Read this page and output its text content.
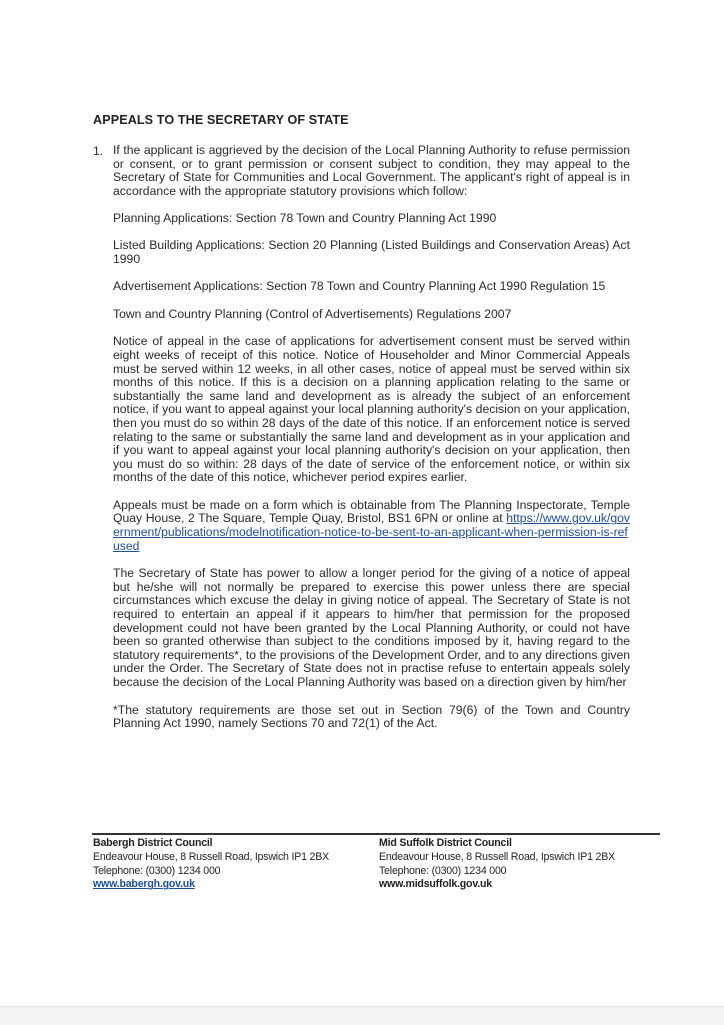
APPEALS TO THE SECRETARY OF STATE
1. If the applicant is aggrieved by the decision of the Local Planning Authority to refuse permission or consent, or to grant permission or consent subject to condition, they may appeal to the Secretary of State for Communities and Local Government. The applicant's right of appeal is in accordance with the appropriate statutory provisions which follow:

Planning Applications: Section 78 Town and Country Planning Act 1990

Listed Building Applications: Section 20 Planning (Listed Buildings and Conservation Areas) Act 1990

Advertisement Applications: Section 78 Town and Country Planning Act 1990 Regulation 15

Town and Country Planning (Control of Advertisements) Regulations 2007

Notice of appeal in the case of applications for advertisement consent must be served within eight weeks of receipt of this notice. Notice of Householder and Minor Commercial Appeals must be served within 12 weeks, in all other cases, notice of appeal must be served within six months of this notice. If this is a decision on a planning application relating to the same or substantially the same land and development as is already the subject of an enforcement notice, if you want to appeal against your local planning authority's decision on your application, then you must do so within 28 days of the date of this notice. If an enforcement notice is served relating to the same or substantially the same land and development as in your application and if you want to appeal against your local planning authority's decision on your application, then you must do so within: 28 days of the date of service of the enforcement notice, or within six months of the date of this notice, whichever period expires earlier.

Appeals must be made on a form which is obtainable from The Planning Inspectorate, Temple Quay House, 2 The Square, Temple Quay, Bristol, BS1 6PN or online at https://www.gov.uk/government/publications/modelnotification-notice-to-be-sent-to-an-applicant-when-permission-is-refused

The Secretary of State has power to allow a longer period for the giving of a notice of appeal but he/she will not normally be prepared to exercise this power unless there are special circumstances which excuse the delay in giving notice of appeal. The Secretary of State is not required to entertain an appeal if it appears to him/her that permission for the proposed development could not have been granted by the Local Planning Authority, or could not have been so granted otherwise than subject to the conditions imposed by it, having regard to the statutory requirements*, to the provisions of the Development Order, and to any directions given under the Order. The Secretary of State does not in practise refuse to entertain appeals solely because the decision of the Local Planning Authority was based on a direction given by him/her

*The statutory requirements are those set out in Section 79(6) of the Town and Country Planning Act 1990, namely Sections 70 and 72(1) of the Act.

Babergh District Council
Endeavour House, 8 Russell Road, Ipswich IP1 2BX
Telephone: (0300) 1234 000
www.babergh.gov.uk
Mid Suffolk District Council
Endeavour House, 8 Russell Road, Ipswich IP1 2BX
Telephone: (0300) 1234 000
www.midsuffolk.gov.uk
